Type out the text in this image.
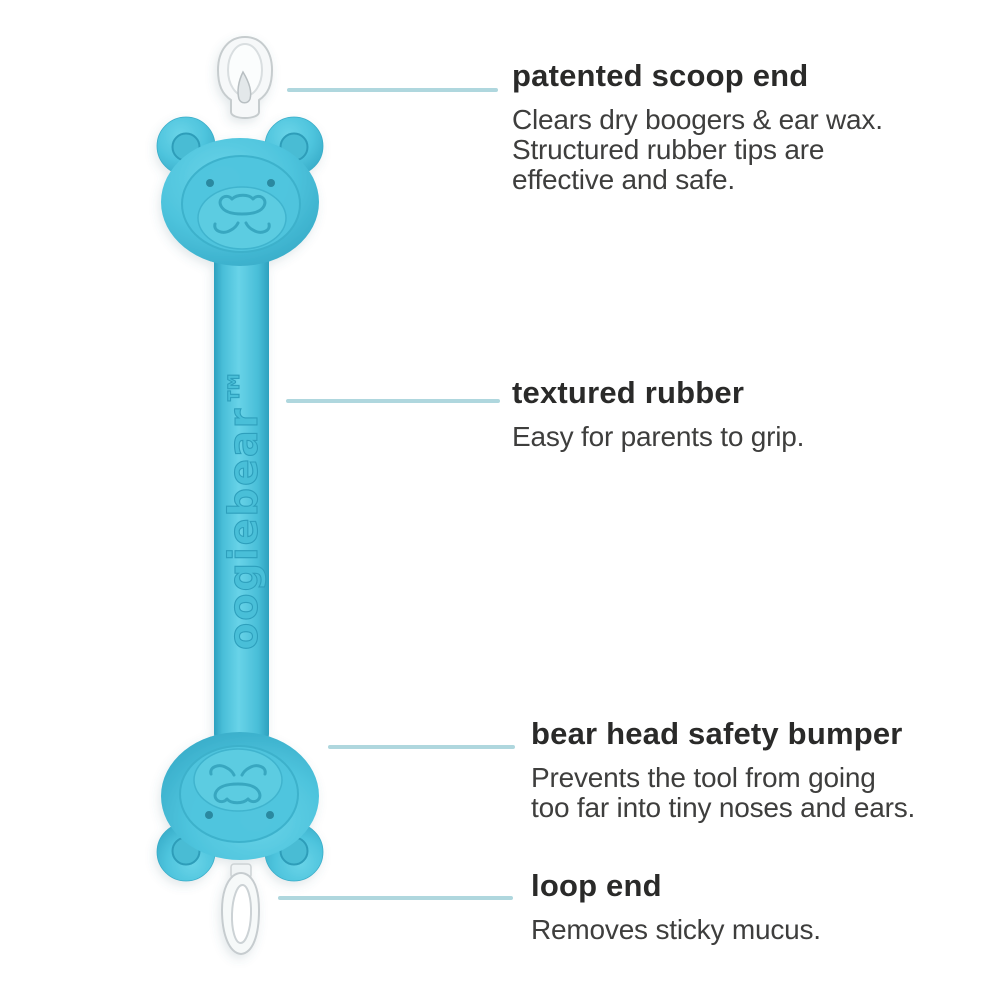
oogiebear™
patented scoop end
Clears dry boogers & ear wax.
Structured rubber tips are
effective and safe.
textured rubber
Easy for parents to grip.
bear head safety bumper
Prevents the tool from going
too far into tiny noses and ears.
loop end
Removes sticky mucus.
